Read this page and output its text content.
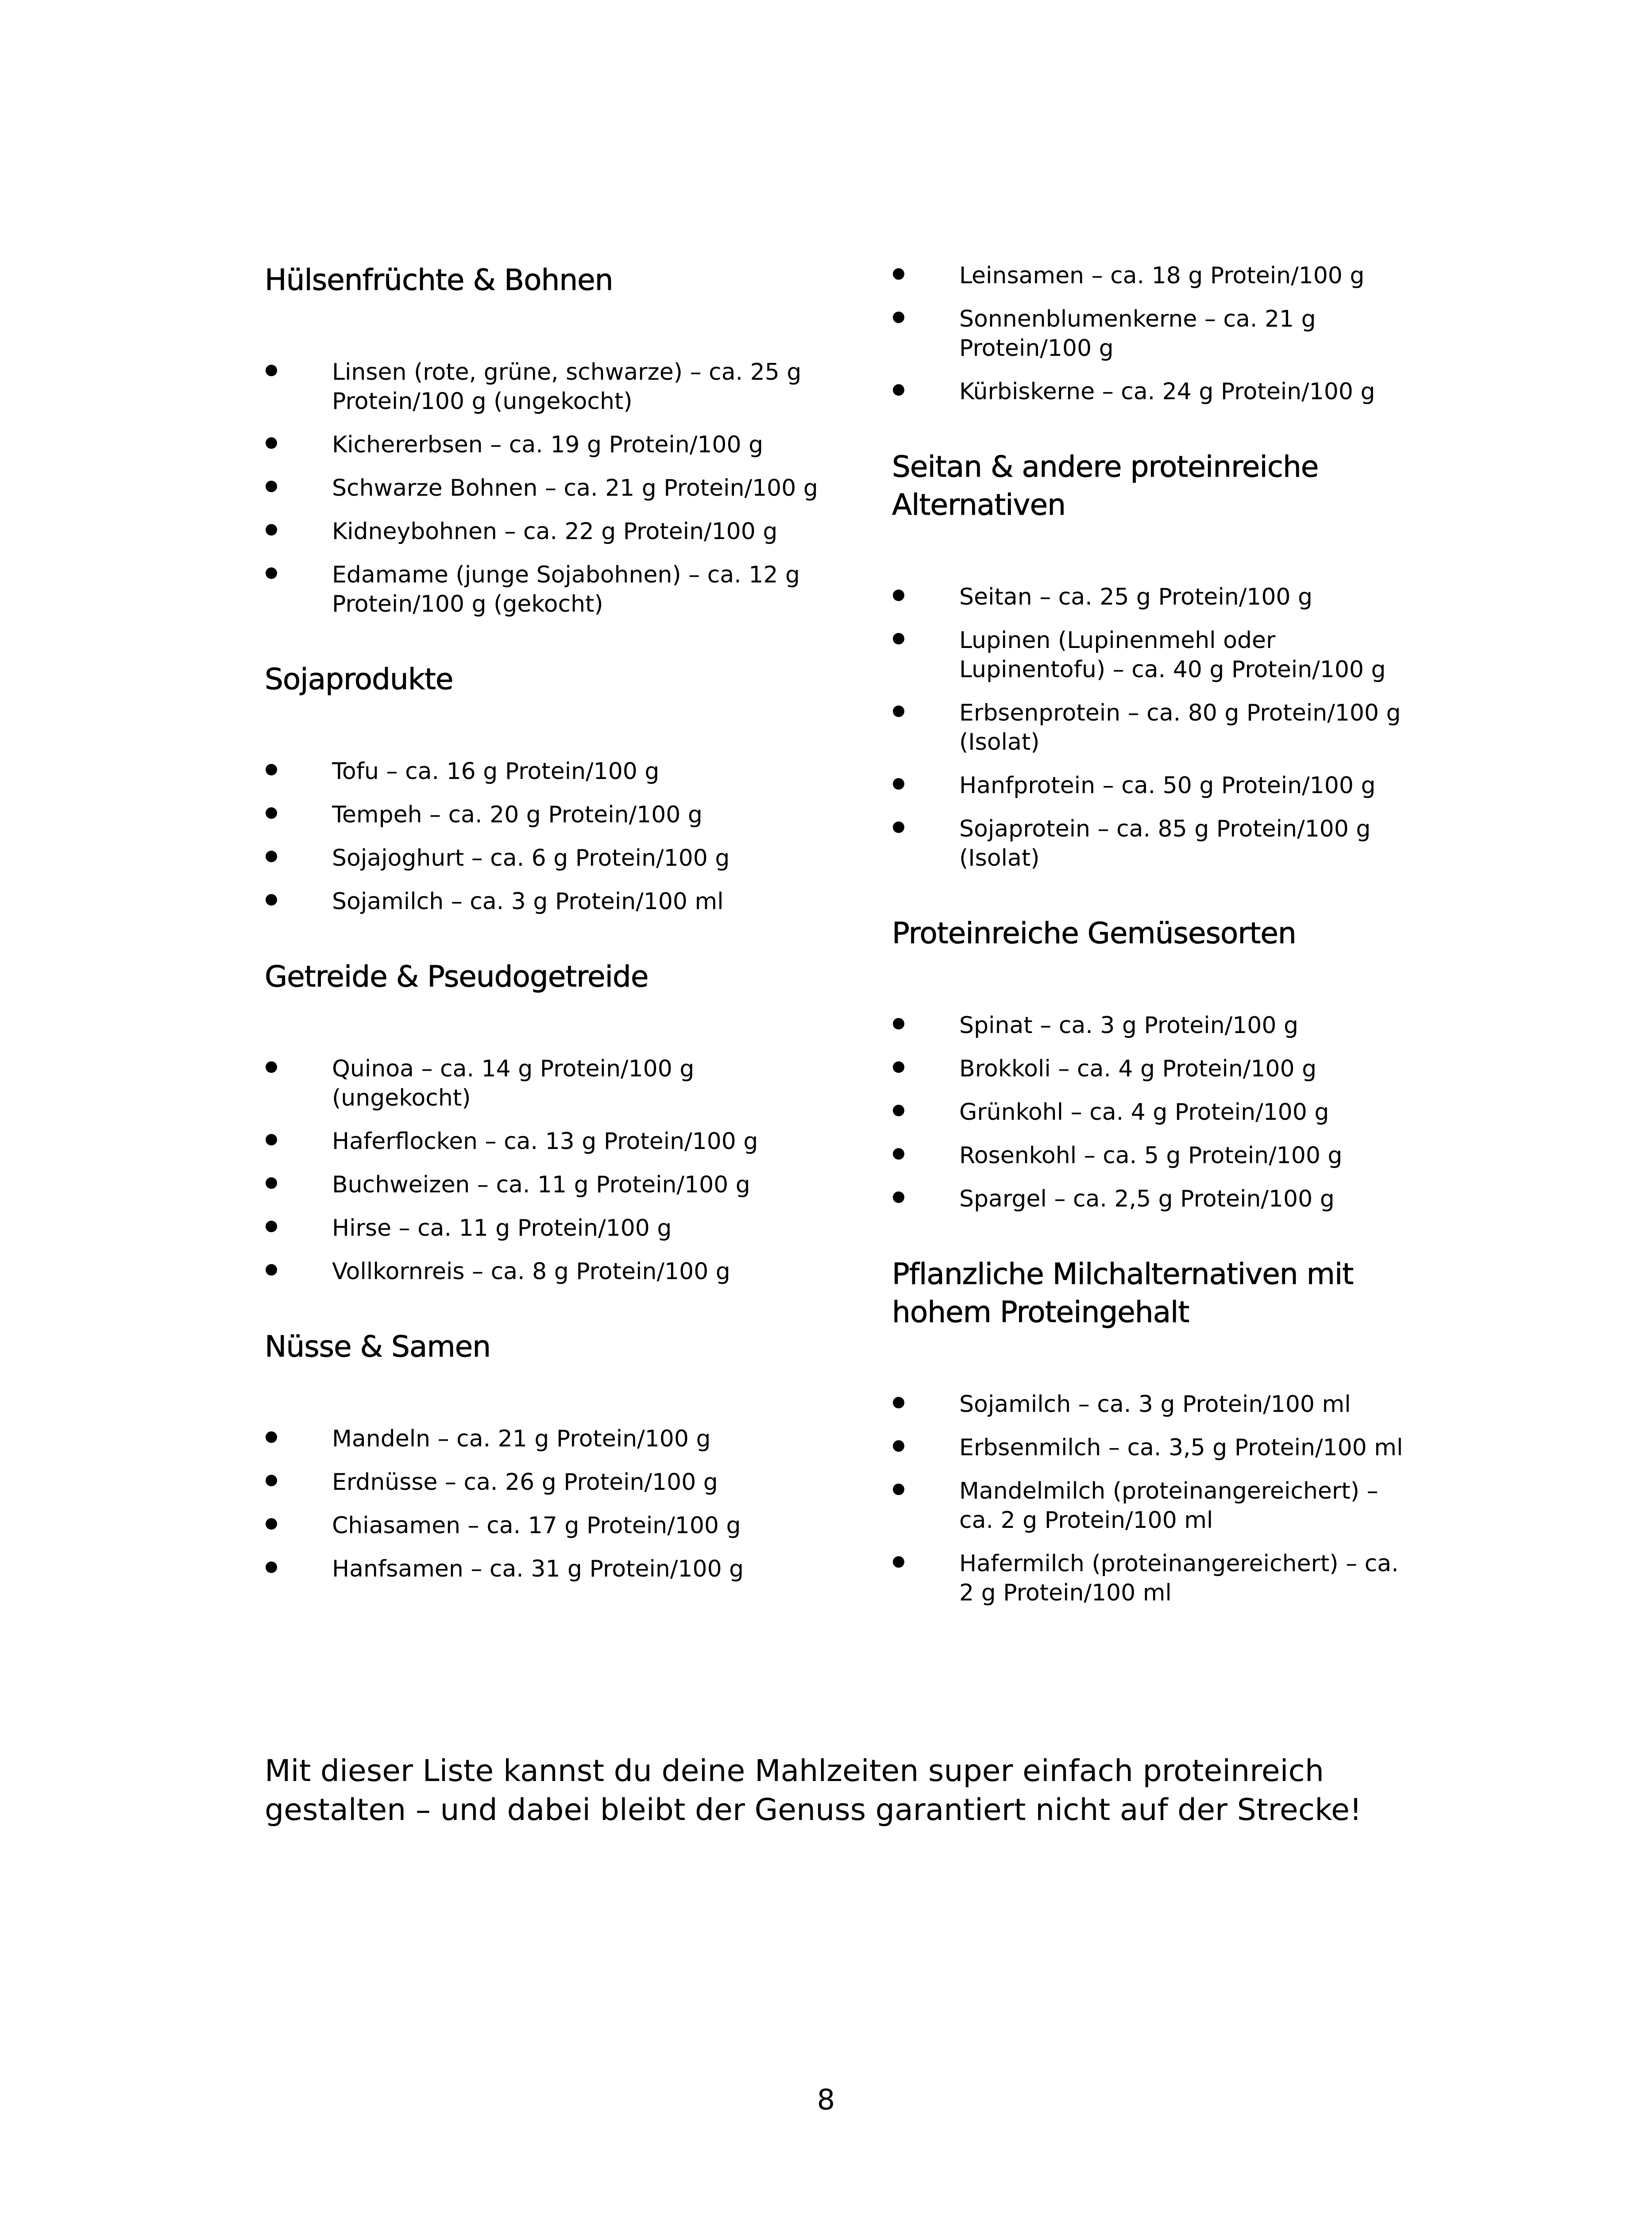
Hülsenfrüchte & Bohnen
Linsen (rote, grüne, schwarze) – ca. 25 g Protein/100 g (ungekocht)
Kichererbsen – ca. 19 g Protein/100 g
Schwarze Bohnen – ca. 21 g Protein/100 g
Kidneybohnen – ca. 22 g Protein/100 g
Edamame (junge Sojabohnen) – ca. 12 g Protein/100 g (gekocht)
Sojaprodukte
Tofu – ca. 16 g Protein/100 g
Tempeh – ca. 20 g Protein/100 g
Sojajoghurt – ca. 6 g Protein/100 g
Sojamilch – ca. 3 g Protein/100 ml
Getreide & Pseudogetreide
Quinoa – ca. 14 g Protein/100 g (ungekocht)
Haferflocken – ca. 13 g Protein/100 g
Buchweizen – ca. 11 g Protein/100 g
Hirse – ca. 11 g Protein/100 g
Vollkornreis – ca. 8 g Protein/100 g
Nüsse & Samen
Mandeln – ca. 21 g Protein/100 g
Erdnüsse – ca. 26 g Protein/100 g
Chiasamen – ca. 17 g Protein/100 g
Hanfsamen – ca. 31 g Protein/100 g
Leinsamen – ca. 18 g Protein/100 g
Sonnenblumenkerne – ca. 21 g Protein/100 g
Kürbiskerne – ca. 24 g Protein/100 g
Seitan & andere proteinreiche Alternativen
Seitan – ca. 25 g Protein/100 g
Lupinen (Lupinenmehl oder Lupinentofu) – ca. 40 g Protein/100 g
Erbsenprotein – ca. 80 g Protein/100 g (Isolat)
Hanfprotein – ca. 50 g Protein/100 g
Sojaprotein – ca. 85 g Protein/100 g (Isolat)
Proteinreiche Gemüsesorten
Spinat – ca. 3 g Protein/100 g
Brokkoli – ca. 4 g Protein/100 g
Grünkohl – ca. 4 g Protein/100 g
Rosenkohl – ca. 5 g Protein/100 g
Spargel – ca. 2,5 g Protein/100 g
Pflanzliche Milchalternativen mit hohem Proteingehalt
Sojamilch – ca. 3 g Protein/100 ml
Erbsenmilch – ca. 3,5 g Protein/100 ml
Mandelmilch (proteinangereichert) – ca. 2 g Protein/100 ml
Hafermilch (proteinangereichert) – ca. 2 g Protein/100 ml

Mit dieser Liste kannst du deine Mahlzeiten super einfach proteinreich gestalten – und dabei bleibt der Genuss garantiert nicht auf der Strecke!

8
